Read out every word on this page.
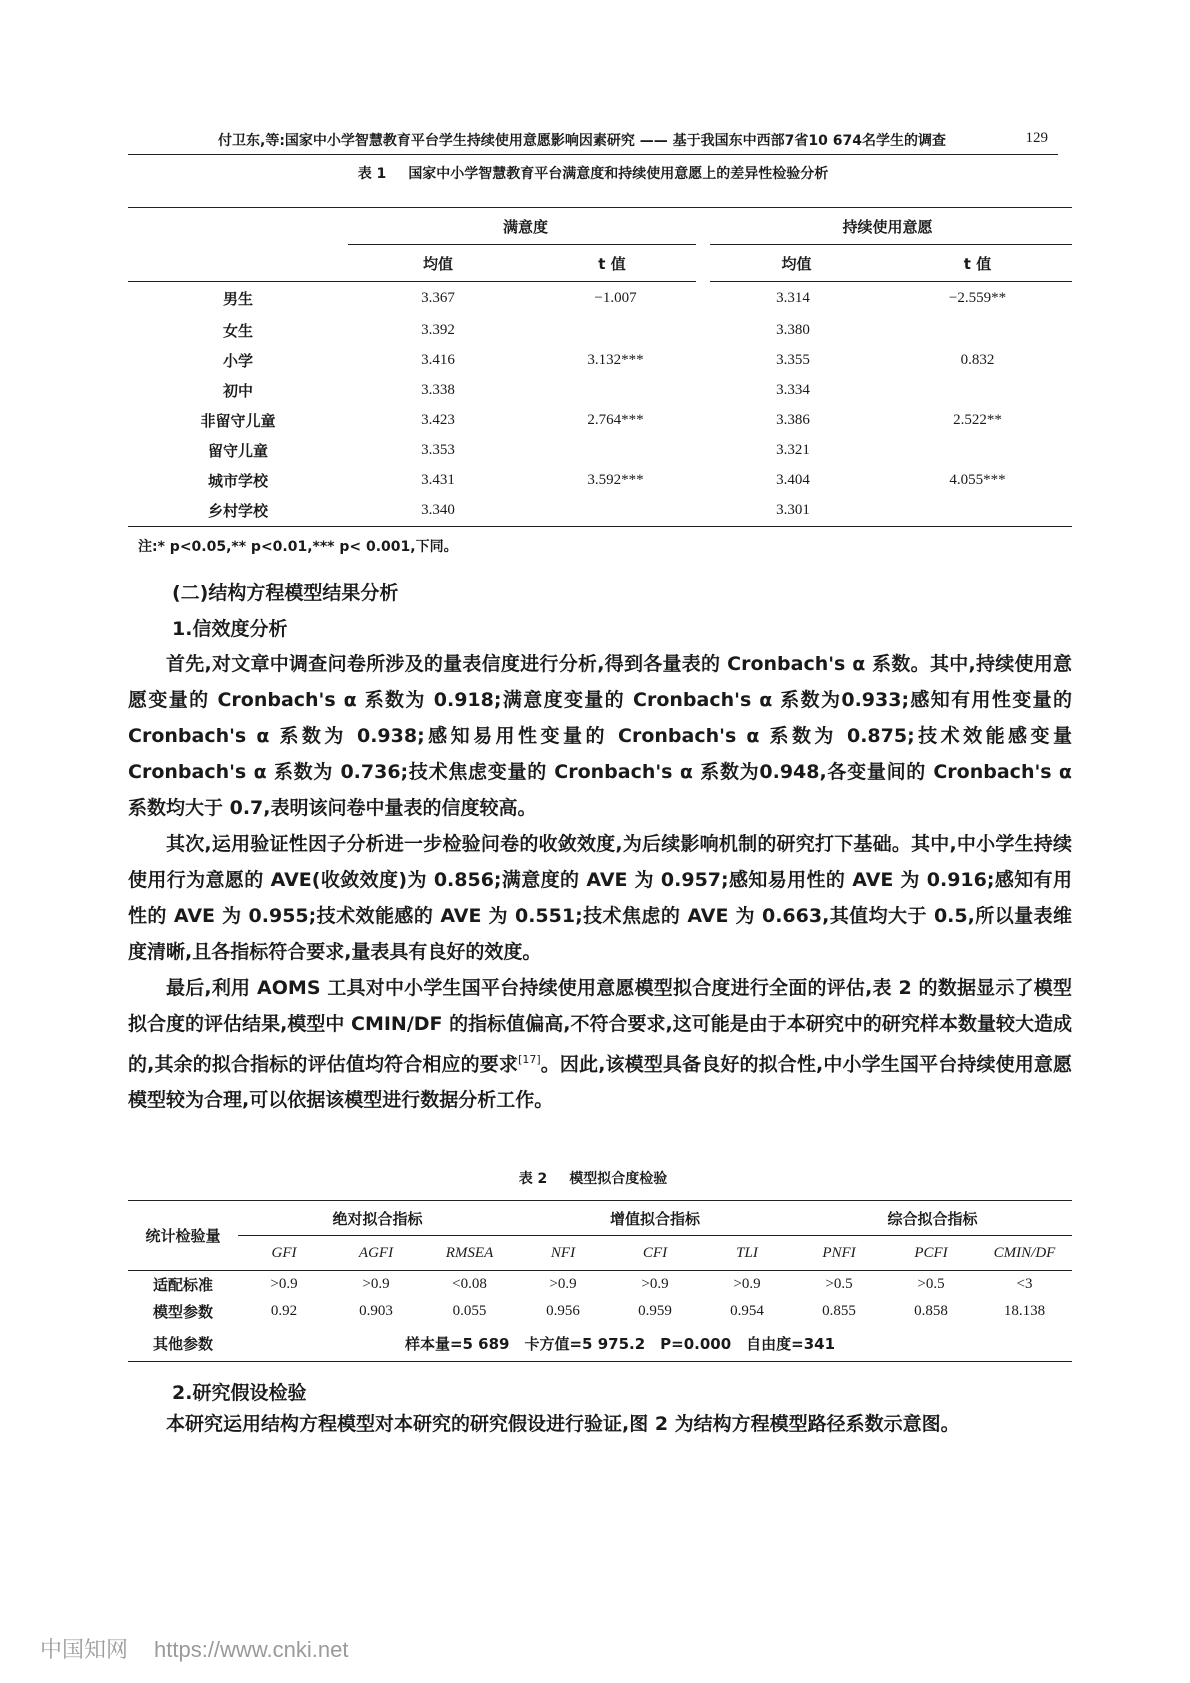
付卫东,等:国家中小学智慧教育平台学生持续使用意愿影响因素研究 —— 基于我国东中西部7省10 674名学生的调查	129
表 1 国家中小学智慧教育平台满意度和持续使用意愿上的差异性检验分析
	满意度		持续使用意愿	
	均值	t 值	均值	t 值
男生	3.367	−1.007	3.314	−2.559**
女生	3.392		3.380	
小学	3.416	3.132***	3.355	0.832
初中	3.338		3.334	
非留守儿童	3.423	2.764***	3.386	2.522**
留守儿童	3.353		3.321	
城市学校	3.431	3.592***	3.404	4.055***
乡村学校	3.340		3.301	
注:* p<0.05,** p<0.01,*** p< 0.001,下同。
(二)结构方程模型结果分析
1.信效度分析

首先,对文章中调查问卷所涉及的量表信度进行分析,得到各量表的 Cronbach's α 系数。其中,持续使用意愿变量的 Cronbach's α 系数为 0.918;满意度变量的 Cronbach's α 系数为0.933;感知有用性变量的 Cronbach's α 系数为 0.938;感知易用性变量的 Cronbach's α 系数为 0.875;技术效能感变量 Cronbach's α 系数为 0.736;技术焦虑变量的 Cronbach's α 系数为0.948,各变量间的 Cronbach's α 系数均大于 0.7,表明该问卷中量表的信度较高。

其次,运用验证性因子分析进一步检验问卷的收敛效度,为后续影响机制的研究打下基础。其中,中小学生持续使用行为意愿的 AVE(收敛效度)为 0.856;满意度的 AVE 为 0.957;感知易用性的 AVE 为 0.916;感知有用性的 AVE 为 0.955;技术效能感的 AVE 为 0.551;技术焦虑的 AVE 为 0.663,其值均大于 0.5,所以量表维度清晰,且各指标符合要求,量表具有良好的效度。

最后,利用 AOMS 工具对中小学生国平台持续使用意愿模型拟合度进行全面的评估,表 2 的数据显示了模型拟合度的评估结果,模型中 CMIN/DF 的指标值偏高,不符合要求,这可能是由于本研究中的研究样本数量较大造成的,其余的拟合指标的评估值均符合相应的要求[17]。因此,该模型具备良好的拟合性,中小学生国平台持续使用意愿模型较为合理,可以依据该模型进行数据分析工作。

表 2 模型拟合度检验
统计检验量	绝对拟合指标			增值拟合指标			综合拟合指标		
	GFI	AGFI	RMSEA	NFI	CFI	TLI	PNFI	PCFI	CMIN/DF
适配标准	>0.9	>0.9	<0.08	>0.9	>0.9	>0.9	>0.5	>0.5	<3
模型参数	0.92	0.903	0.055	0.956	0.959	0.954	0.855	0.858	18.138
其他参数	样本量=5 689　卡方值=5 975.2　P=0.000　自由度=341								
2.研究假设检验

本研究运用结构方程模型对本研究的研究假设进行验证,图 2 为结构方程模型路径系数示意图。

中国知网 https://www.cnki.net
